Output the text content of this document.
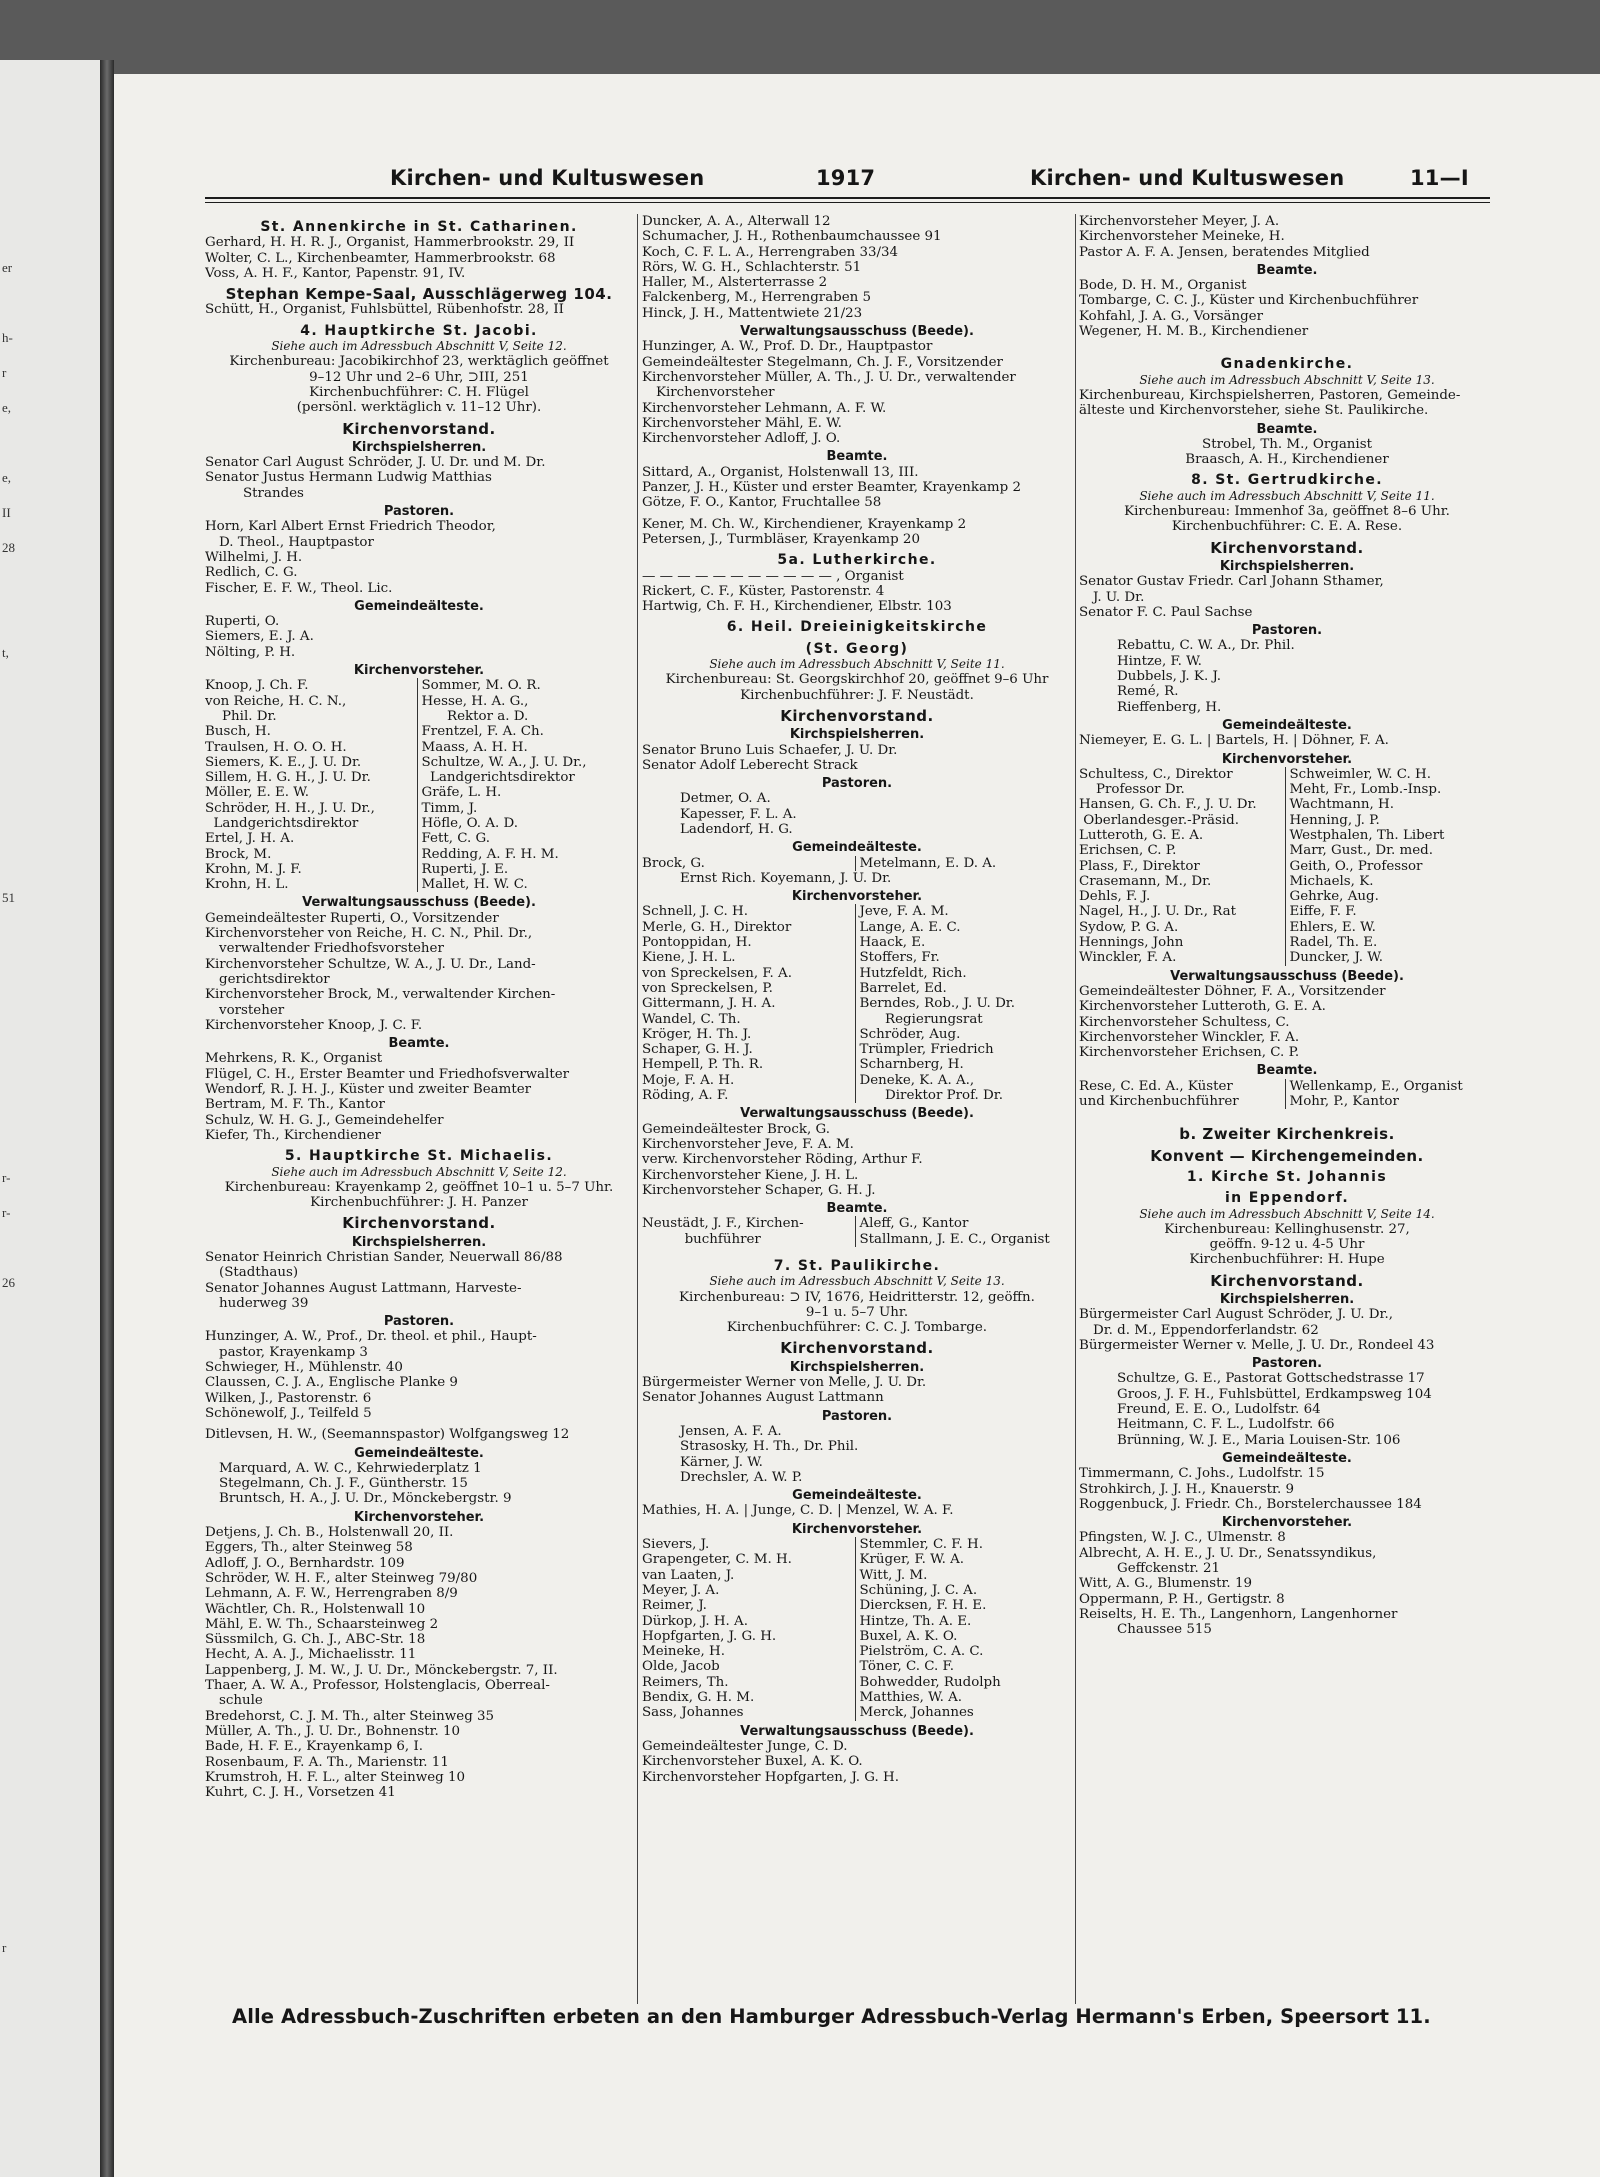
er
h-
r
e,
e,
II
28
t,
51
r-
r-
26
r
Kirchen- und Kultuswesen	1917	Kirchen- und Kultuswesen	11—I
St. Annenkirche in St. Catharinen.
Gerhard, H. H. R. J., Organist, Hammerbrookstr. 29, II
Wolter, C. L., Kirchenbeamter, Hammerbrookstr. 68
Voss, A. H. F., Kantor, Papenstr. 91, IV.
Stephan Kempe-Saal, Ausschlägerweg 104.
Schütt, H., Organist, Fuhlsbüttel, Rübenhofstr. 28, II
4. Hauptkirche St. Jacobi.
Siehe auch im Adressbuch Abschnitt V, Seite 12.
Kirchenbureau: Jacobikirchhof 23, werktäglich geöffnet
9–12 Uhr und 2–6 Uhr, ⊃III, 251
Kirchenbuchführer: C. H. Flügel
(persönl. werktäglich v. 11–12 Uhr).
Kirchenvorstand.
Kirchspielsherren.
Senator Carl August Schröder, J. U. Dr. und M. Dr.
Senator Justus Hermann Ludwig Matthias
Strandes
Pastoren.
Horn, Karl Albert Ernst Friedrich Theodor,
D. Theol., Hauptpastor
Wilhelmi, J. H.
Redlich, C. G.
Fischer, E. F. W., Theol. Lic.
Gemeindeälteste.
Ruperti, O.
Siemers, E. J. A.
Nölting, P. H.
Kirchenvorsteher.
Knoop, J. Ch. F.	Sommer, M. O. R.
von Reiche, H. C. N.,	Hesse, H. A. G.,
Phil. Dr.	Rektor a. D.
Busch, H.	Frentzel, F. A. Ch.
Traulsen, H. O. O. H.	Maass, A. H. H.
Siemers, K. E., J. U. Dr.	Schultze, W. A., J. U. Dr.,
Sillem, H. G. H., J. U. Dr.	Landgerichtsdirektor
Möller, E. E. W.	Gräfe, L. H.
Schröder, H. H., J. U. Dr.,	Timm, J.
Landgerichtsdirektor	Höfle, O. A. D.
Ertel, J. H. A.	Fett, C. G.
Brock, M.	Redding, A. F. H. M.
Krohn, M. J. F.	Ruperti, J. E.
Krohn, H. L.	Mallet, H. W. C.
Verwaltungsausschuss (Beede).
Gemeindeältester Ruperti, O., Vorsitzender
Kirchenvorsteher von Reiche, H. C. N., Phil. Dr.,
verwaltender Friedhofsvorsteher
Kirchenvorsteher Schultze, W. A., J. U. Dr., Land-
gerichtsdirektor
Kirchenvorsteher Brock, M., verwaltender Kirchen-
vorsteher
Kirchenvorsteher Knoop, J. C. F.
Beamte.
Mehrkens, R. K., Organist
Flügel, C. H., Erster Beamter und Friedhofsverwalter
Wendorf, R. J. H. J., Küster und zweiter Beamter
Bertram, M. F. Th., Kantor
Schulz, W. H. G. J., Gemeindehelfer
Kiefer, Th., Kirchendiener
5. Hauptkirche St. Michaelis.
Siehe auch im Adressbuch Abschnitt V, Seite 12.
Kirchenbureau: Krayenkamp 2, geöffnet 10–1 u. 5–7 Uhr.
Kirchenbuchführer: J. H. Panzer
Kirchenvorstand.
Kirchspielsherren.
Senator Heinrich Christian Sander, Neuerwall 86/88
(Stadthaus)
Senator Johannes August Lattmann, Harveste-
huderweg 39
Pastoren.
Hunzinger, A. W., Prof., Dr. theol. et phil., Haupt-
pastor, Krayenkamp 3
Schwieger, H., Mühlenstr. 40
Claussen, C. J. A., Englische Planke 9
Wilken, J., Pastorenstr. 6
Schönewolf, J., Teilfeld 5
Ditlevsen, H. W., (Seemannspastor) Wolfgangsweg 12
Gemeindeälteste.
Marquard, A. W. C., Kehrwiederplatz 1
Stegelmann, Ch. J. F., Güntherstr. 15
Bruntsch, H. A., J. U. Dr., Mönckebergstr. 9
Kirchenvorsteher.
Detjens, J. Ch. B., Holstenwall 20, II.
Eggers, Th., alter Steinweg 58
Adloff, J. O., Bernhardstr. 109
Schröder, W. H. F., alter Steinweg 79/80
Lehmann, A. F. W., Herrengraben 8/9
Wächtler, Ch. R., Holstenwall 10
Mähl, E. W. Th., Schaarsteinweg 2
Süssmilch, G. Ch. J., ABC-Str. 18
Hecht, A. A. J., Michaelisstr. 11
Lappenberg, J. M. W., J. U. Dr., Mönckebergstr. 7, II.
Thaer, A. W. A., Professor, Holstenglacis, Oberreal-
schule
Bredehorst, C. J. M. Th., alter Steinweg 35
Müller, A. Th., J. U. Dr., Bohnenstr. 10
Bade, H. F. E., Krayenkamp 6, I.
Rosenbaum, F. A. Th., Marienstr. 11
Krumstroh, H. F. L., alter Steinweg 10
Kuhrt, C. J. H., Vorsetzen 41
Duncker, A. A., Alterwall 12
Schumacher, J. H., Rothenbaumchaussee 91
Koch, C. F. L. A., Herrengraben 33/34
Rörs, W. G. H., Schlachterstr. 51
Haller, M., Alsterterrasse 2
Falckenberg, M., Herrengraben 5
Hinck, J. H., Mattentwiete 21/23
Verwaltungsausschuss (Beede).
Hunzinger, A. W., Prof. D. Dr., Hauptpastor
Gemeindeältester Stegelmann, Ch. J. F., Vorsitzender
Kirchenvorsteher Müller, A. Th., J. U. Dr., verwaltender
Kirchenvorsteher
Kirchenvorsteher Lehmann, A. F. W.
Kirchenvorsteher Mähl, E. W.
Kirchenvorsteher Adloff, J. O.
Beamte.
Sittard, A., Organist, Holstenwall 13, III.
Panzer, J. H., Küster und erster Beamter, Krayenkamp 2
Götze, F. O., Kantor, Fruchtallee 58
Kener, M. Ch. W., Kirchendiener, Krayenkamp 2
Petersen, J., Turmbläser, Krayenkamp 20
5a. Lutherkirche.
— — — — — — — — — — — , Organist
Rickert, C. F., Küster, Pastorenstr. 4
Hartwig, Ch. F. H., Kirchendiener, Elbstr. 103
6. Heil. Dreieinigkeitskirche
(St. Georg)
Siehe auch im Adressbuch Abschnitt V, Seite 11.
Kirchenbureau: St. Georgskirchhof 20, geöffnet 9–6 Uhr
Kirchenbuchführer: J. F. Neustädt.
Kirchenvorstand.
Kirchspielsherren.
Senator Bruno Luis Schaefer, J. U. Dr.
Senator Adolf Leberecht Strack
Pastoren.
Detmer, O. A.
Kapesser, F. L. A.
Ladendorf, H. G.
Gemeindeälteste.
Brock, G.	Metelmann, E. D. A.
Ernst Rich. Koyemann, J. U. Dr.
Kirchenvorsteher.
Schnell, J. C. H.	Jeve, F. A. M.
Merle, G. H., Direktor	Lange, A. E. C.
Pontoppidan, H.	Haack, E.
Kiene, J. H. L.	Stoffers, Fr.
von Spreckelsen, F. A.	Hutzfeldt, Rich.
von Spreckelsen, P.	Barrelet, Ed.
Gittermann, J. H. A.	Berndes, Rob., J. U. Dr.
Wandel, C. Th.	Regierungsrat
Kröger, H. Th. J.	Schröder, Aug.
Schaper, G. H. J.	Trümpler, Friedrich
Hempell, P. Th. R.	Scharnberg, H.
Moje, F. A. H.	Deneke, K. A. A.,
Röding, A. F.	Direktor Prof. Dr.
Verwaltungsausschuss (Beede).
Gemeindeältester Brock, G.
Kirchenvorsteher Jeve, F. A. M.
verw. Kirchenvorsteher Röding, Arthur F.
Kirchenvorsteher Kiene, J. H. L.
Kirchenvorsteher Schaper, G. H. J.
Beamte.
Neustädt, J. F., Kirchen-	Aleff, G., Kantor
buchführer	Stallmann, J. E. C., Organist
7. St. Paulikirche.
Siehe auch im Adressbuch Abschnitt V, Seite 13.
Kirchenbureau: ⊃ IV, 1676, Heidritterstr. 12, geöffn.
9–1 u. 5–7 Uhr.
Kirchenbuchführer: C. C. J. Tombarge.
Kirchenvorstand.
Kirchspielsherren.
Bürgermeister Werner von Melle, J. U. Dr.
Senator Johannes August Lattmann
Pastoren.
Jensen, A. F. A.
Strasosky, H. Th., Dr. Phil.
Kärner, J. W.
Drechsler, A. W. P.
Gemeindeälteste.
Mathies, H. A. | Junge, C. D. | Menzel, W. A. F.
Kirchenvorsteher.
Sievers, J.	Stemmler, C. F. H.
Grapengeter, C. M. H.	Krüger, F. W. A.
van Laaten, J.	Witt, J. M.
Meyer, J. A.	Schüning, J. C. A.
Reimer, J.	Diercksen, F. H. E.
Dürkop, J. H. A.	Hintze, Th. A. E.
Hopfgarten, J. G. H.	Buxel, A. K. O.
Meineke, H.	Pielström, C. A. C.
Olde, Jacob	Töner, C. C. F.
Reimers, Th.	Bohwedder, Rudolph
Bendix, G. H. M.	Matthies, W. A.
Sass, Johannes	Merck, Johannes
Verwaltungsausschuss (Beede).
Gemeindeältester Junge, C. D.
Kirchenvorsteher Buxel, A. K. O.
Kirchenvorsteher Hopfgarten, J. G. H.
Kirchenvorsteher Meyer, J. A.
Kirchenvorsteher Meineke, H.
Pastor A. F. A. Jensen, beratendes Mitglied
Beamte.
Bode, D. H. M., Organist
Tombarge, C. C. J., Küster und Kirchenbuchführer
Kohfahl, J. A. G., Vorsänger
Wegener, H. M. B., Kirchendiener
Gnadenkirche.
Siehe auch im Adressbuch Abschnitt V, Seite 13.
Kirchenbureau, Kirchspielsherren, Pastoren, Gemeinde-
älteste und Kirchenvorsteher, siehe St. Paulikirche.
Beamte.
Strobel, Th. M., Organist
Braasch, A. H., Kirchendiener
8. St. Gertrudkirche.
Siehe auch im Adressbuch Abschnitt V, Seite 11.
Kirchenbureau: Immenhof 3a, geöffnet 8–6 Uhr.
Kirchenbuchführer: C. E. A. Rese.
Kirchenvorstand.
Kirchspielsherren.
Senator Gustav Friedr. Carl Johann Sthamer,
J. U. Dr.
Senator F. C. Paul Sachse
Pastoren.
Rebattu, C. W. A., Dr. Phil.
Hintze, F. W.
Dubbels, J. K. J.
Remé, R.
Rieffenberg, H.
Gemeindeälteste.
Niemeyer, E. G. L. | Bartels, H. | Döhner, F. A.
Kirchenvorsteher.
Schultess, C., Direktor	Schweimler, W. C. H.
Professor Dr.	Meht, Fr., Lomb.-Insp.
Hansen, G. Ch. F., J. U. Dr.	Wachtmann, H.
Oberlandesger.-Präsid.	Henning, J. P.
Lutteroth, G. E. A.	Westphalen, Th. Libert
Erichsen, C. P.	Marr, Gust., Dr. med.
Plass, F., Direktor	Geith, O., Professor
Crasemann, M., Dr.	Michaels, K.
Dehls, F. J.	Gehrke, Aug.
Nagel, H., J. U. Dr., Rat	Eiffe, F. F.
Sydow, P. G. A.	Ehlers, E. W.
Hennings, John	Radel, Th. E.
Winckler, F. A.	Duncker, J. W.
Verwaltungsausschuss (Beede).
Gemeindeältester Döhner, F. A., Vorsitzender
Kirchenvorsteher Lutteroth, G. E. A.
Kirchenvorsteher Schultess, C.
Kirchenvorsteher Winckler, F. A.
Kirchenvorsteher Erichsen, C. P.
Beamte.
Rese, C. Ed. A., Küster	Wellenkamp, E., Organist
und Kirchenbuchführer	Mohr, P., Kantor
b. Zweiter Kirchenkreis.
Konvent — Kirchengemeinden.
1. Kirche St. Johannis
in Eppendorf.
Siehe auch im Adressbuch Abschnitt V, Seite 14.
Kirchenbureau: Kellinghusenstr. 27,
geöffn. 9-12 u. 4-5 Uhr
Kirchenbuchführer: H. Hupe
Kirchenvorstand.
Kirchspielsherren.
Bürgermeister Carl August Schröder, J. U. Dr.,
Dr. d. M., Eppendorferlandstr. 62
Bürgermeister Werner v. Melle, J. U. Dr., Rondeel 43
Pastoren.
Schultze, G. E., Pastorat Gottschedstrasse 17
Groos, J. F. H., Fuhlsbüttel, Erdkampsweg 104
Freund, E. E. O., Ludolfstr. 64
Heitmann, C. F. L., Ludolfstr. 66
Brünning, W. J. E., Maria Louisen-Str. 106
Gemeindeälteste.
Timmermann, C. Johs., Ludolfstr. 15
Strohkirch, J. J. H., Knauerstr. 9
Roggenbuck, J. Friedr. Ch., Borstelerchaussee 184
Kirchenvorsteher.
Pfingsten, W. J. C., Ulmenstr. 8
Albrecht, A. H. E., J. U. Dr., Senatssyndikus,
Geffckenstr. 21
Witt, A. G., Blumenstr. 19
Oppermann, P. H., Gertigstr. 8
Reiselts, H. E. Th., Langenhorn, Langenhorner
Chaussee 515
Alle Adressbuch-Zuschriften erbeten an den Hamburger Adressbuch-Verlag Hermann's Erben, Speersort 11.
